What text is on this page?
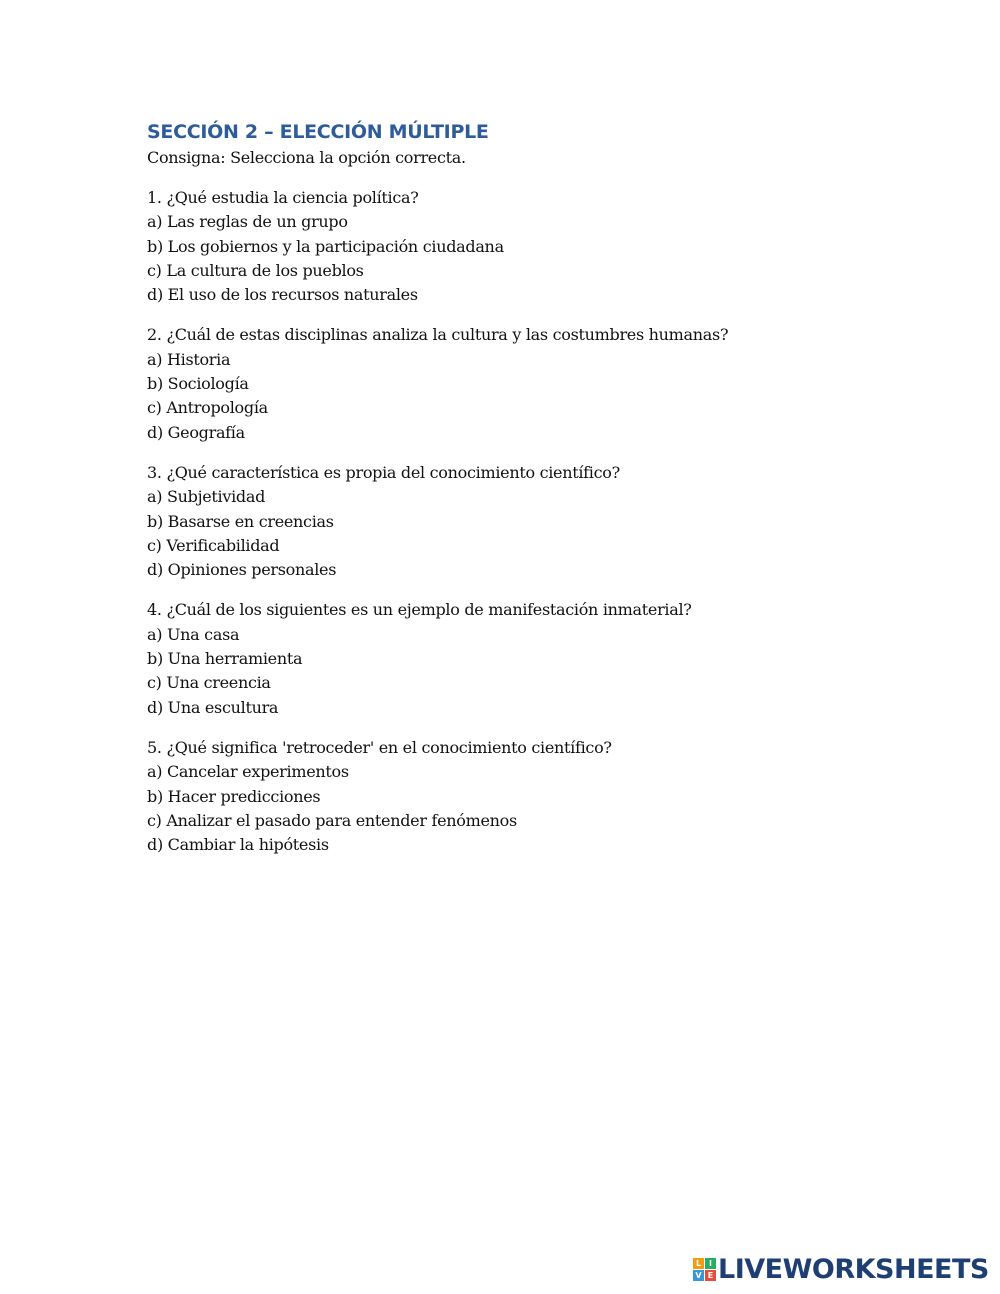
SECCIÓN 2 – ELECCIÓN MÚLTIPLE

Consigna: Selecciona la opción correcta.

1. ¿Qué estudia la ciencia política?

a) Las reglas de un grupo

b) Los gobiernos y la participación ciudadana

c) La cultura de los pueblos

d) El uso de los recursos naturales

2. ¿Cuál de estas disciplinas analiza la cultura y las costumbres humanas?

a) Historia

b) Sociología

c) Antropología

d) Geografía

3. ¿Qué característica es propia del conocimiento científico?

a) Subjetividad

b) Basarse en creencias

c) Verificabilidad

d) Opiniones personales

4. ¿Cuál de los siguientes es un ejemplo de manifestación inmaterial?

a) Una casa

b) Una herramienta

c) Una creencia

d) Una escultura

5. ¿Qué significa 'retroceder' en el conocimiento científico?

a) Cancelar experimentos

b) Hacer predicciones

c) Analizar el pasado para entender fenómenos

d) Cambiar la hipótesis

L I
V E LIVEWORKSHEETS
